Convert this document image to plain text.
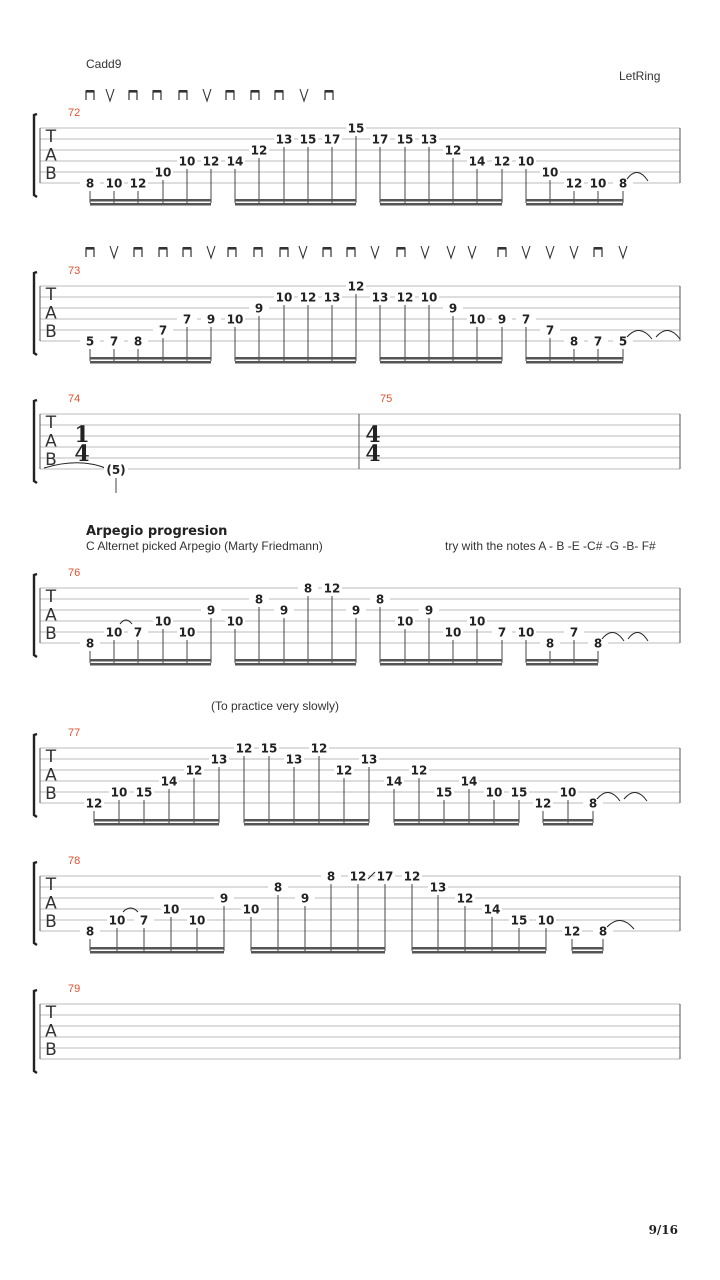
Cadd9
LetRing
Arpegio progresion
C Alternet picked Arpegio (Marty Friedmann)	try with the notes A - B -E -C# -G -B- F#
(To practice very slowly)
9/16
T
A
B
72
8 10 12
10
10 12 14
12
13 15 17
15
17 15 13
12
14 12 10
10
12 10 8
T
A
B
73
5 7 8
7
7 9 10
9
10 12 13
12
13 12 10
9
10 9 7
7
8 7 5
T
A
B
74	75
1
4
4
4
(5)
T
A
B
76
8
10 7
10
10
9
10
8
9
8 12
9
8
10
9
10
10
7 10
8
7
8
T
A
B
77
12
10 15
14
12
13
12 15
13
12
12
13
14
12
15
14
10 15
12
10
8
T
A
B
78
8
10 7
10
10
9
10
8
9
8 12 17 12
13
12
14
15 10
12 8
T
A
B
79
